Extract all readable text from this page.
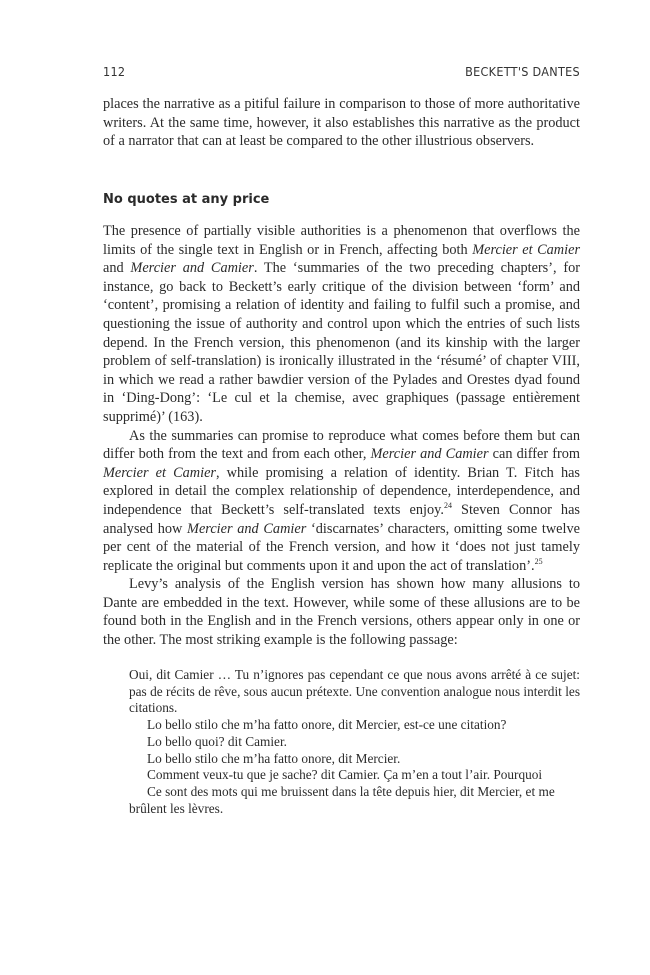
112	BECKETT'S DANTES

places the narrative as a pitiful failure in comparison to those of more authoritative writers. At the same time, however, it also establishes this narrative as the product of a narrator that can at least be compared to the other illustrious observers.

No quotes at any price

The presence of partially visible authorities is a phenomenon that overflows the limits of the single text in English or in French, affecting both Mercier et Camier and Mercier and Camier. The ‘summaries of the two preceding chapters’, for instance, go back to Beckett’s early critique of the division between ‘form’ and ‘content’, promising a relation of identity and failing to fulfil such a promise, and questioning the issue of authority and control upon which the entries of such lists depend. In the French version, this phenomenon (and its kinship with the larger problem of self-translation) is ironically illustrated in the ‘résumé’ of chapter VIII, in which we read a rather bawdier version of the Pylades and Orestes dyad found in ‘Ding-Dong’: ‘Le cul et la chemise, avec graphiques (passage entièrement supprimé)’ (163).

As the summaries can promise to reproduce what comes before them but can differ both from the text and from each other, Mercier and Camier can differ from Mercier et Camier, while promising a relation of identity. Brian T. Fitch has explored in detail the complex relationship of dependence, interdependence, and independence that Beckett’s self-translated texts enjoy.$^{24}$ Steven Connor has analysed how Mercier and Camier ‘discarnates’ characters, omitting some twelve per cent of the material of the French version, and how it ‘does not just tamely replicate the original but comments upon it and upon the act of translation’.$^{25}$

Levy’s analysis of the English version has shown how many allusions to Dante are embedded in the text. However, while some of these allusions are to be found both in the English and in the French versions, others appear only in one or the other. The most striking example is the following passage:

Oui, dit Camier … Tu n’ignores pas cependant ce que nous avons arrêté à ce sujet: pas de récits de rêve, sous aucun prétexte. Une convention analogue nous interdit les citations.

Lo bello stilo che m’ha fatto onore, dit Mercier, est-ce une citation?

Lo bello quoi? dit Camier.

Lo bello stilo che m’ha fatto onore, dit Mercier.

Comment veux-tu que je sache? dit Camier. Ça m’en a tout l’air. Pourquoi

Ce sont des mots qui me bruissent dans la tête depuis hier, dit Mercier, et me brûlent les lèvres.
